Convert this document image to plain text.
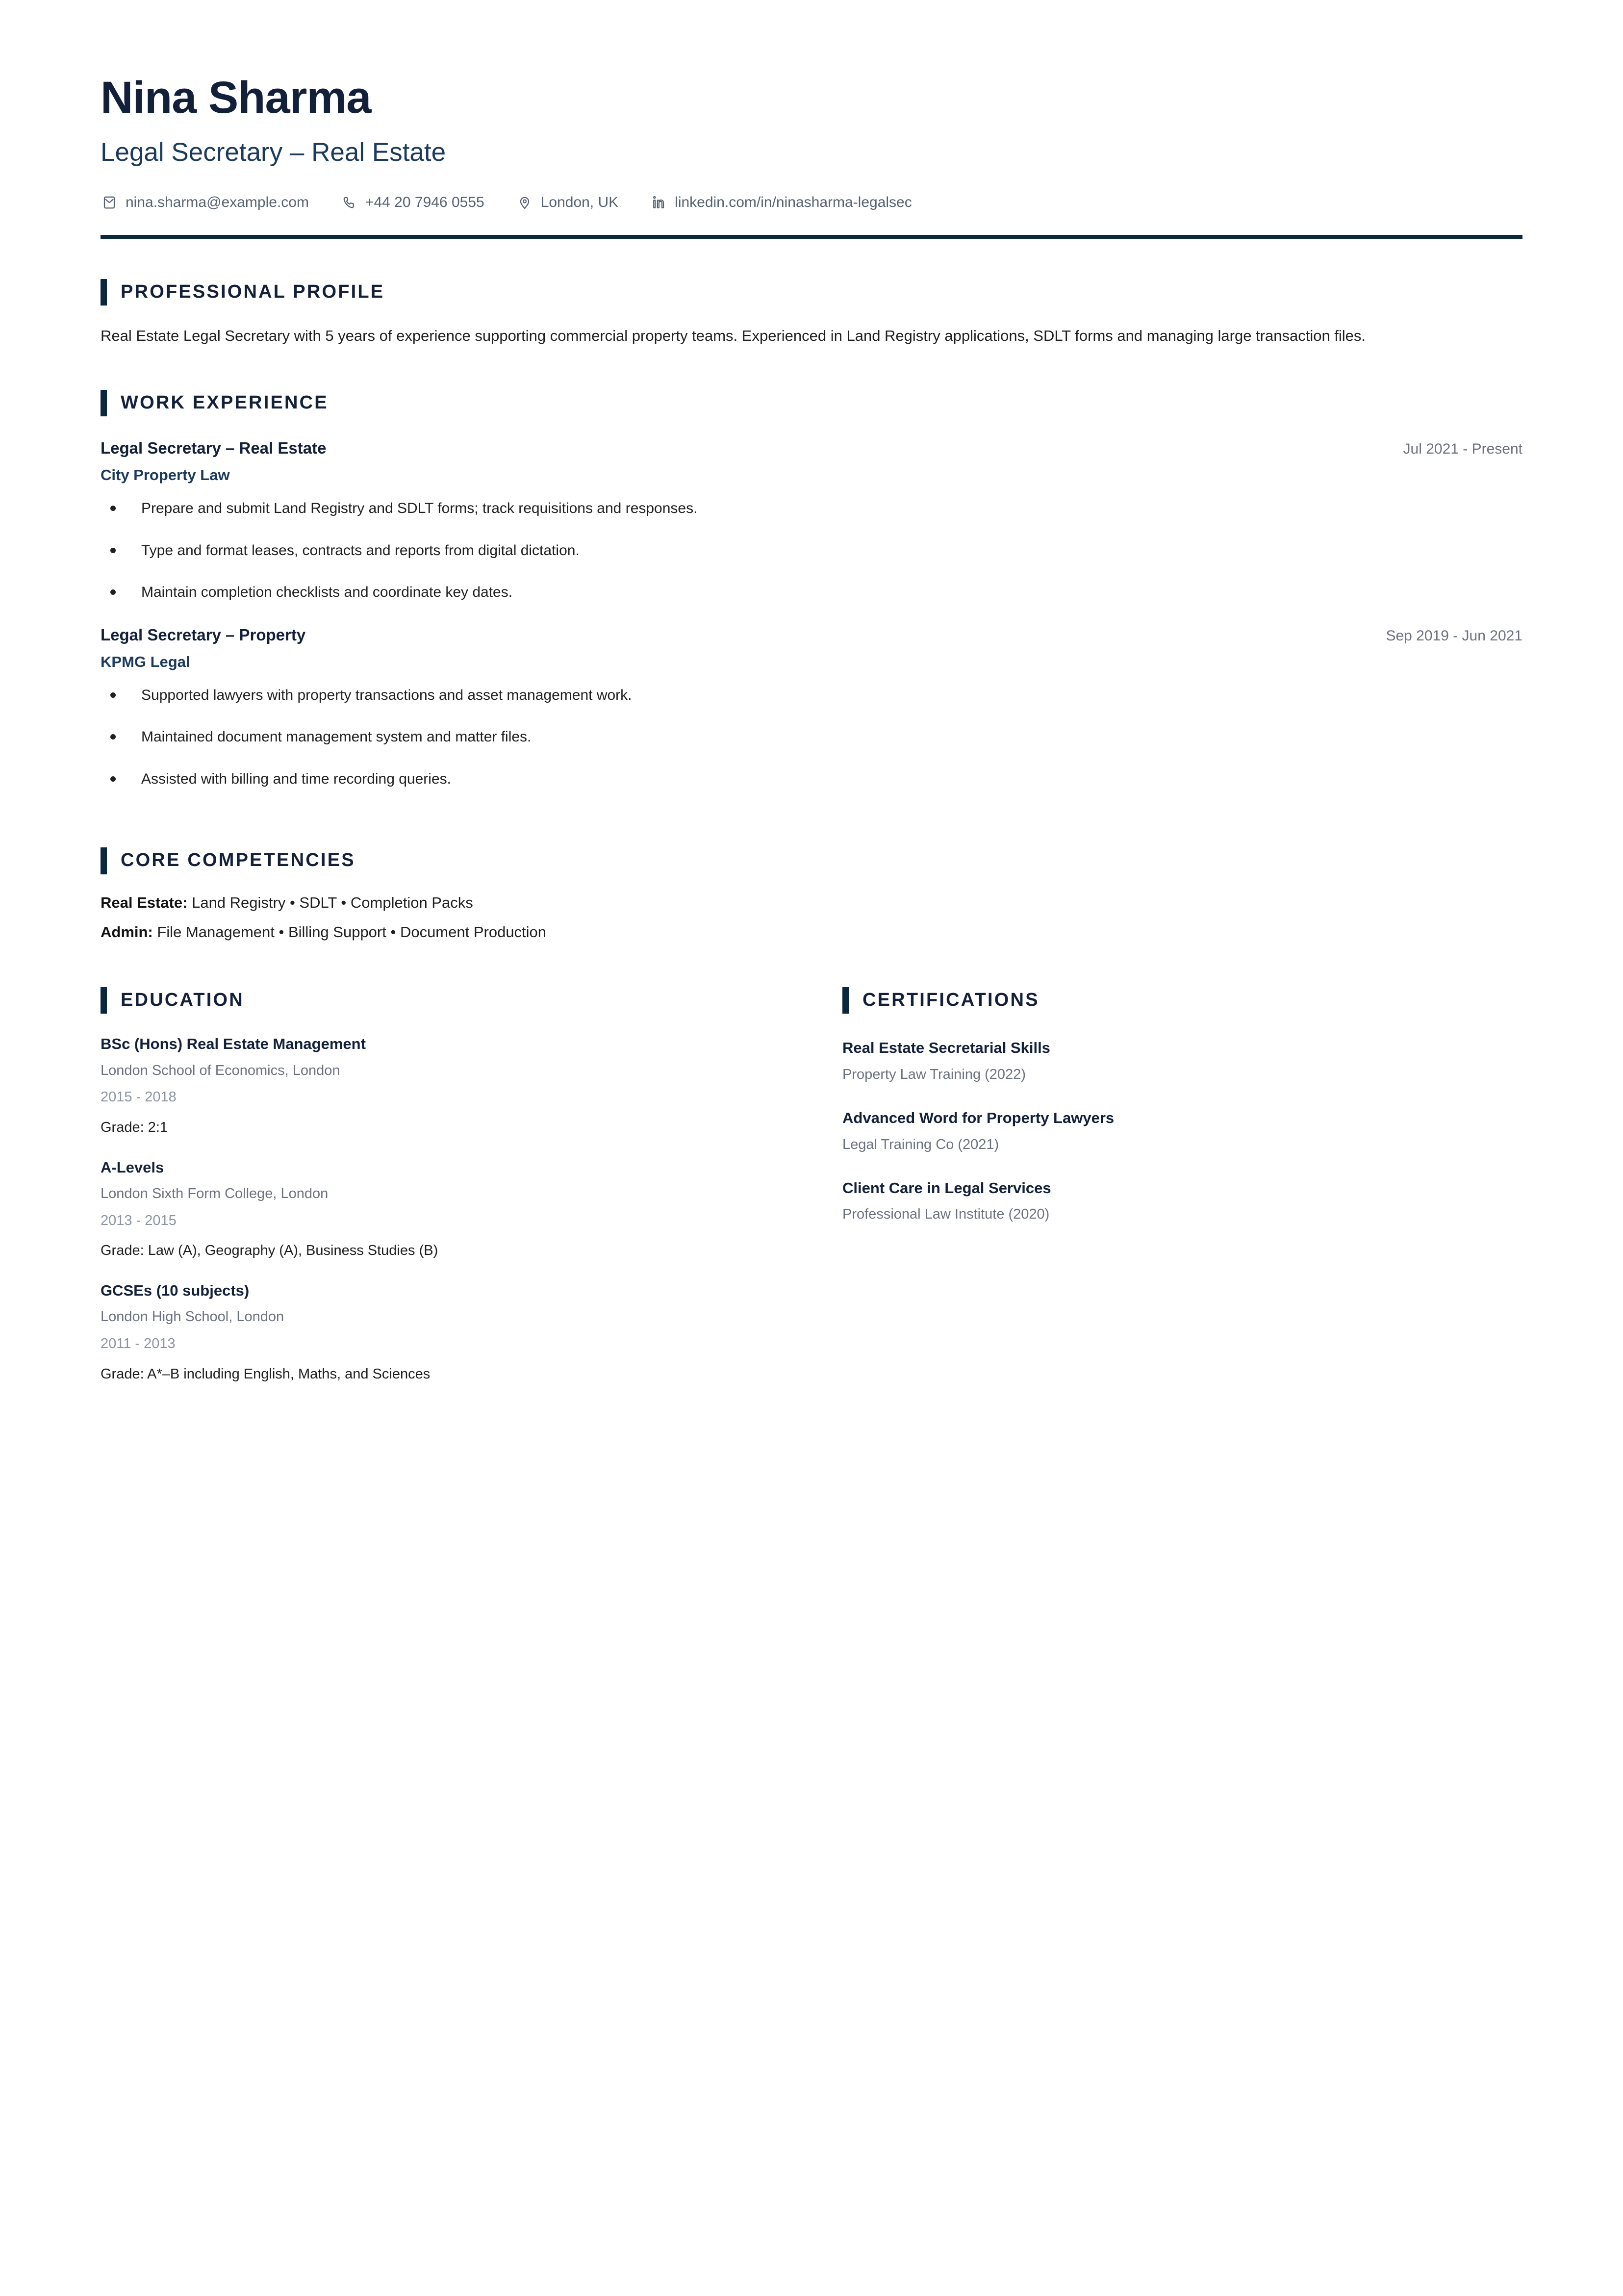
Nina Sharma
Legal Secretary – Real Estate
nina.sharma@example.com	+44 20 7946 0555	London, UK	linkedin.com/in/ninasharma-legalsec
PROFESSIONAL PROFILE
Real Estate Legal Secretary with 5 years of experience supporting commercial property teams. Experienced in Land Registry applications, SDLT forms and managing large transaction files.
WORK EXPERIENCE
Legal Secretary – Real Estate	Jul 2021 - Present
City Property Law
Prepare and submit Land Registry and SDLT forms; track requisitions and responses.
Type and format leases, contracts and reports from digital dictation.
Maintain completion checklists and coordinate key dates.
Legal Secretary – Property	Sep 2019 - Jun 2021
KPMG Legal
Supported lawyers with property transactions and asset management work.
Maintained document management system and matter files.
Assisted with billing and time recording queries.
CORE COMPETENCIES
Real Estate: Land Registry • SDLT • Completion Packs
Admin: File Management • Billing Support • Document Production
EDUCATION
BSc (Hons) Real Estate Management
London School of Economics, London
2015 - 2018
Grade: 2:1
A-Levels
London Sixth Form College, London
2013 - 2015
Grade: Law (A), Geography (A), Business Studies (B)
GCSEs (10 subjects)
London High School, London
2011 - 2013
Grade: A*–B including English, Maths, and Sciences
CERTIFICATIONS
Real Estate Secretarial Skills
Property Law Training (2022)
Advanced Word for Property Lawyers
Legal Training Co (2021)
Client Care in Legal Services
Professional Law Institute (2020)
